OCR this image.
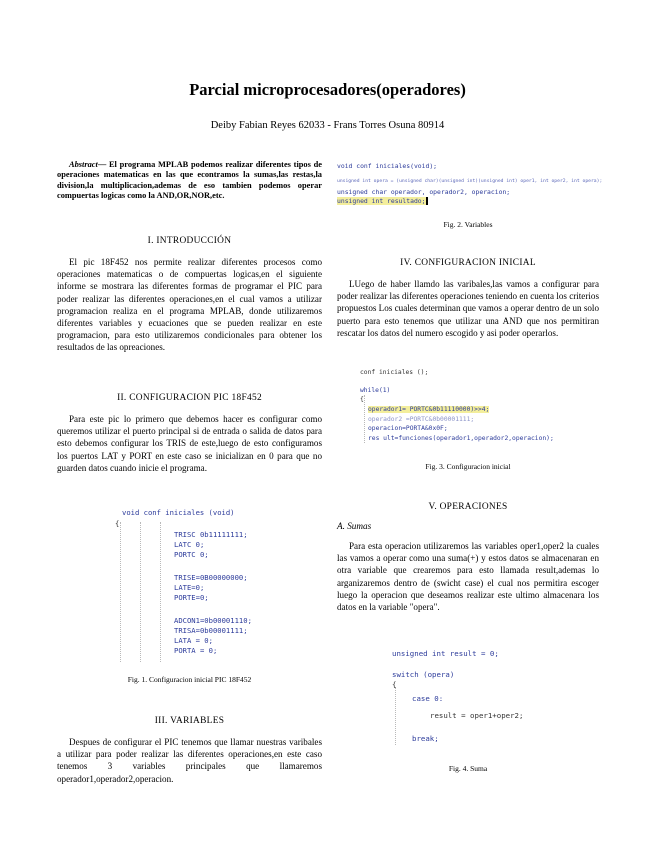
Parcial microprocesadores(operadores)
Deiby Fabian Reyes 62033 - Frans Torres Osuna 80914

Abstract— El programa MPLAB podemos realizar diferentes tipos de operaciones matematicas en las que econtramos la sumas,las restas,la division,la multiplicacion,ademas de eso tambien podemos operar compuertas logicas como la AND,OR,NOR,etc.

I. INTRODUCCIÓN

El pic 18F452 nos permite realizar diferentes procesos como operaciones matematicas o de compuertas logicas,en el siguiente informe se mostrara las diferentes formas de programar el PIC para poder realizar las diferentes operaciones,en el cual vamos a utilizar programacion realiza en el programa MPLAB, donde utilizaremos diferentes variables y ecuaciones que se pueden realizar en este programacion, para esto utilizaremos condicionales para obtener los resultados de las opreaciones.

II. CONFIGURACION PIC 18F452

Para este pic lo primero que debemos hacer es configurar como queremos utilizar el puerto principal si de entrada o salida de datos para esto debemos configurar los TRIS de este,luego de esto configuramos los puertos LAT y PORT en este caso se inicializan en 0 para que no guarden datos cuando inicie el programa.

void conf iniciales (void)

{

TRISC 0b11111111;

LATC 0;

PORTC 0;

TRISE=0B00000000;

LATE=0;

PORTE=0;

ADCON1=0b00001110;

TRISA=0b00001111;

LATA = 0;

PORTA = 0;

Fig. 1. Configuracion inicial PIC 18F452

III. VARIABLES

Despues de configurar el PIC tenemos que llamar nuestras varibales a utilizar para poder realizar las diferentes operaciones,en este caso tenemos 3 variables principales que llamaremos operador1,operador2,operacion.

void conf iniciales(void);

unsigned int opera = (unsigned char)(unsigned int)(unsigned int) oper1, int oper2, int opera);

unsigned char operador, operador2, operacion;

unsigned int resultado;

Fig. 2. Variables

IV. CONFIGURACION INICIAL

LUego de haber llamdo las varibales,las vamos a configurar para poder realizar las diferentes operaciones teniendo en cuenta los criterios propuestos Los cuales determinan que vamos a operar dentro de un solo puerto para esto tenemos que utilizar una AND que nos permitiran rescatar los datos del numero escogido y asi poder operarlos.

conf iniciales ();

while(1)

{

operador1= PORTC&0b11110000)>>4;

operador2 =PORTC&0b00001111;

operacion=PORTA&0x0F;

res ult=funciones(operador1,operador2,operacion);

Fig. 3. Configuracion inicial

V. OPERACIONES

A. Sumas

Para esta operacion utilizaremos las variables oper1,oper2 la cuales las vamos a operar como una suma(+) y estos datos se almacenaran en otra variable que crearemos para esto llamada result,ademas lo arganizaremos dentro de (swicht case) el cual nos permitira escoger luego la operacion que deseamos realizar este ultimo almacenara los datos en la variable "opera".

unsigned int result = 0;

switch (opera)

{

case 0:

result = oper1+oper2;

break;

Fig. 4. Suma
